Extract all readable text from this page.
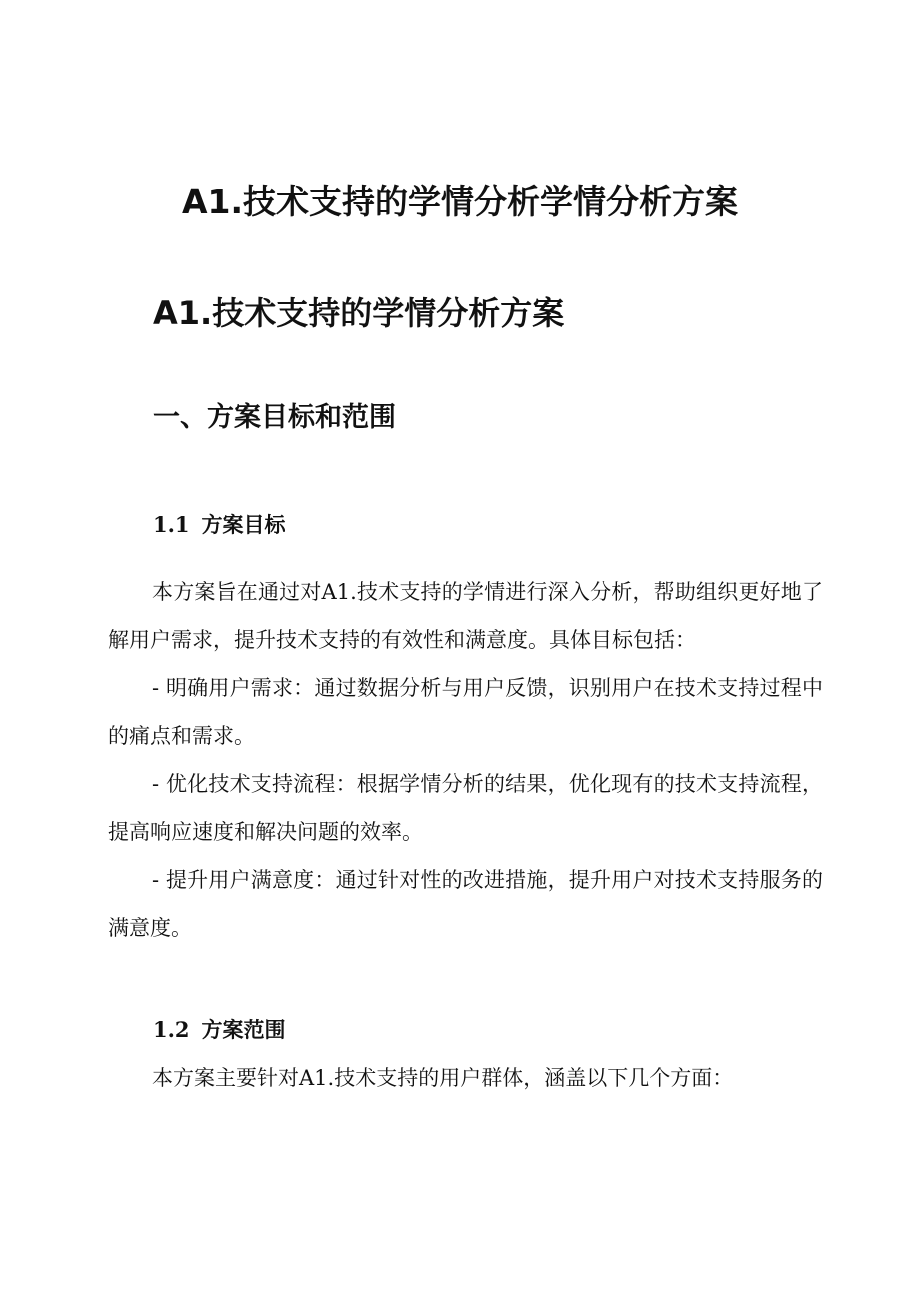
A1.技术支持的学情分析学情分析方案
A1.技术支持的学情分析方案
一、方案目标和范围
1.1 方案目标

本方案旨在通过对A1.技术支持的学情进行深入分析，帮助组织更好地了解用户需求，提升技术支持的有效性和满意度。具体目标包括：

- 明确用户需求：通过数据分析与用户反馈，识别用户在技术支持过程中的痛点和需求。

- 优化技术支持流程：根据学情分析的结果，优化现有的技术支持流程，提高响应速度和解决问题的效率。

- 提升用户满意度：通过针对性的改进措施，提升用户对技术支持服务的满意度。

1.2 方案范围

本方案主要针对A1.技术支持的用户群体，涵盖以下几个方面：
